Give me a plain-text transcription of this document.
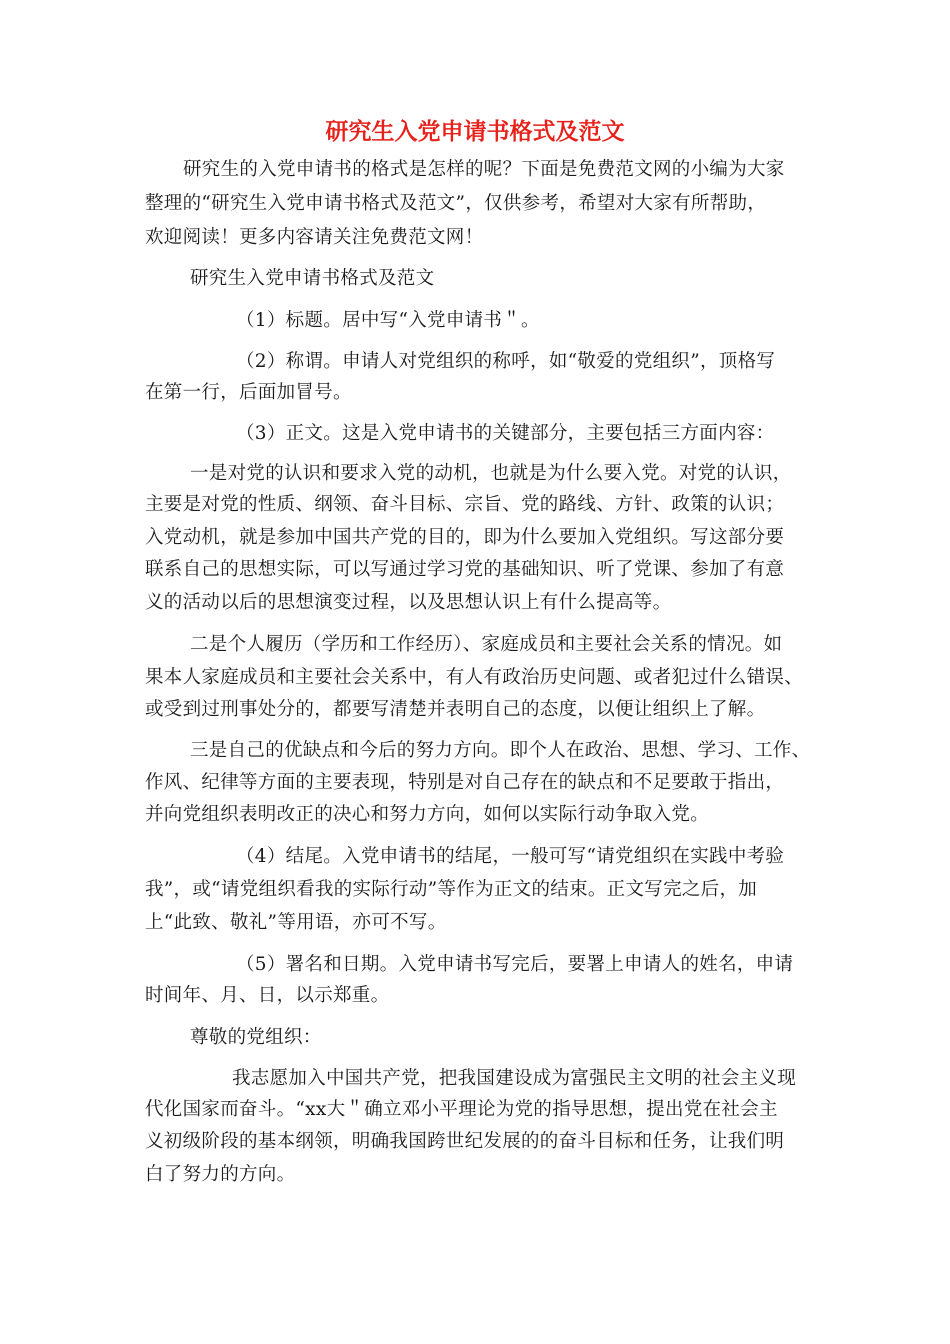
研究生入党申请书格式及范文
研究生的入党申请书的格式是怎样的呢？下面是免费范文网的小编为大家
整理的“研究生入党申请书格式及范文”，仅供参考，希望对大家有所帮助，
欢迎阅读！更多内容请关注免费范文网！
研究生入党申请书格式及范文
（1）标题。居中写“入党申请书＂。
（2）称谓。申请人对党组织的称呼，如“敬爱的党组织”，顶格写
在第一行，后面加冒号。
（3）正文。这是入党申请书的关键部分，主要包括三方面内容：
一是对党的认识和要求入党的动机，也就是为什么要入党。对党的认识，
主要是对党的性质、纲领、奋斗目标、宗旨、党的路线、方针、政策的认识；
入党动机，就是参加中国共产党的目的，即为什么要加入党组织。写这部分要
联系自己的思想实际，可以写通过学习党的基础知识、听了党课、参加了有意
义的活动以后的思想演变过程，以及思想认识上有什么提高等。
二是个人履历（学历和工作经历）、家庭成员和主要社会关系的情况。如
果本人家庭成员和主要社会关系中，有人有政治历史问题、或者犯过什么错误、
或受到过刑事处分的，都要写清楚并表明自己的态度，以便让组织上了解。
三是自己的优缺点和今后的努力方向。即个人在政治、思想、学习、工作、
作风、纪律等方面的主要表现，特别是对自己存在的缺点和不足要敢于指出，
并向党组织表明改正的决心和努力方向，如何以实际行动争取入党。
（4）结尾。入党申请书的结尾，一般可写“请党组织在实践中考验
我”，或“请党组织看我的实际行动”等作为正文的结束。正文写完之后，加
上“此致、敬礼”等用语，亦可不写。
（5）署名和日期。入党申请书写完后，要署上申请人的姓名，申请
时间年、月、日，以示郑重。
尊敬的党组织：
我志愿加入中国共产党，把我国建设成为富强民主文明的社会主义现
代化国家而奋斗。“xx大＂确立邓小平理论为党的指导思想，提出党在社会主
义初级阶段的基本纲领，明确我国跨世纪发展的的奋斗目标和任务，让我们明
白了努力的方向。
